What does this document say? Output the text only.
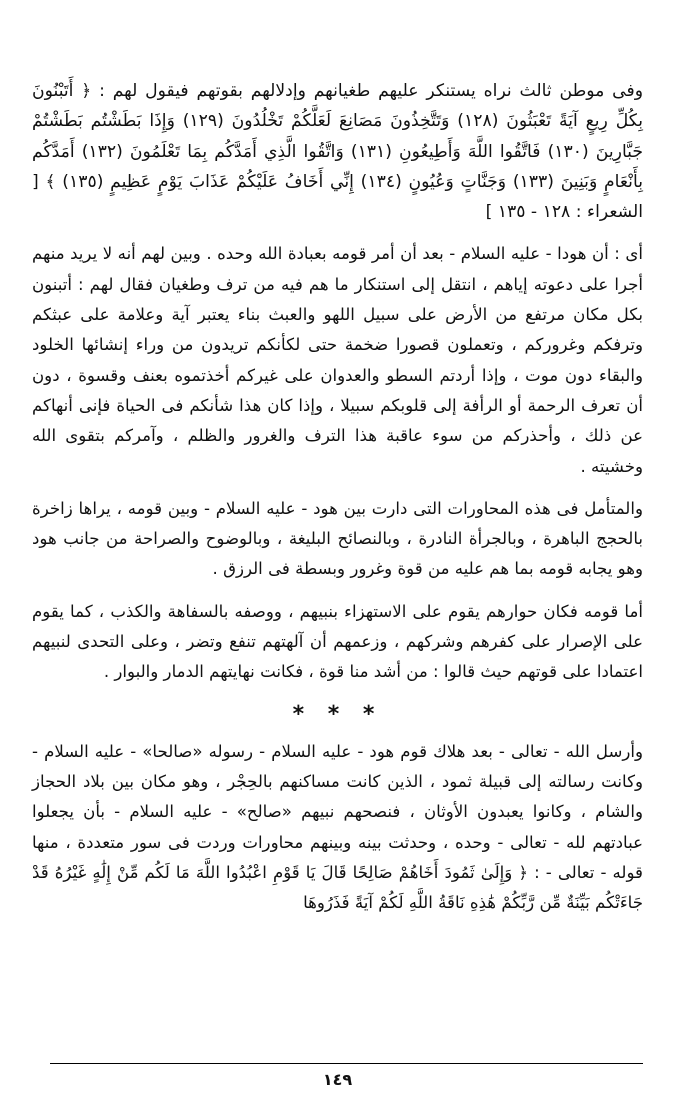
وفى موطن ثالث نراه يستنكر عليهم طغيانهم وإدلالهم بقوتهم فيقول لهم : ﴿ أَتَبْنُونَ بِكُلِّ رِيعٍ آيَةً تَعْبَثُونَ (١٢٨) وَتَتَّخِذُونَ مَصَانِعَ لَعَلَّكُمْ تَخْلُدُونَ (١٢٩) وَإِذَا بَطَشْتُم بَطَشْتُمْ جَبَّارِينَ (١٣٠) فَاتَّقُوا اللَّهَ وَأَطِيعُونِ (١٣١) وَاتَّقُوا الَّذِي أَمَدَّكُم بِمَا تَعْلَمُونَ (١٣٢) أَمَدَّكُم بِأَنْعَامٍ وَبَنِينَ (١٣٣) وَجَنَّاتٍ وَعُيُونٍ (١٣٤) إِنِّي أَخَافُ عَلَيْكُمْ عَذَابَ يَوْمٍ عَظِيمٍ (١٣٥) ﴾ [ الشعراء : ١٢٨ - ١٣٥ ]

أى : أن هودا - عليه السلام - بعد أن أمر قومه بعبادة الله وحده . وبين لهم أنه لا يريد منهم أجرا على دعوته إياهم ، انتقل إلى استنكار ما هم فيه من ترف وطغيان فقال لهم : أتبنون بكل مكان مرتفع من الأرض على سبيل اللهو والعبث بناء يعتبر آية وعلامة على عبثكم وترفكم وغروركم ، وتعملون قصورا ضخمة حتى لكأنكم تريدون من وراء إنشائها الخلود والبقاء دون موت ، وإذا أردتم السطو والعدوان على غيركم أخذتموه بعنف وقسوة ، دون أن تعرف الرحمة أو الرأفة إلى قلوبكم سبيلا ، وإذا كان هذا شأنكم فى الحياة فإنى أنهاكم عن ذلك ، وأحذركم من سوء عاقبة هذا الترف والغرور والظلم ، وآمركم بتقوى الله وخشيته .

والمتأمل فى هذه المحاورات التى دارت بين هود - عليه السلام - وبين قومه ، يراها زاخرة بالحجج الباهرة ، وبالجرأة النادرة ، وبالنصائح البليغة ، وبالوضوح والصراحة من جانب هود وهو يجابه قومه بما هم عليه من قوة وغرور وبسطة فى الرزق .

أما قومه فكان حوارهم يقوم على الاستهزاء بنبيهم ، ووصفه بالسفاهة والكذب ، كما يقوم على الإصرار على كفرهم وشركهم ، وزعمهم أن آلهتهم تنفع وتضر ، وعلى التحدى لنبيهم اعتمادا على قوتهم حيث قالوا : من أشد منا قوة ، فكانت نهايتهم الدمار والبوار .

* * *

وأرسل الله - تعالى - بعد هلاك قوم هود - عليه السلام - رسوله «صالحا» - عليه السلام - وكانت رسالته إلى قبيلة ثمود ، الذين كانت مساكنهم بالحِجْر ، وهو مكان بين بلاد الحجاز والشام ، وكانوا يعبدون الأوثان ، فنصحهم نبيهم «صالح» - عليه السلام - بأن يجعلوا عبادتهم لله - تعالى - وحده ، وحدثت بينه وبينهم محاورات وردت فى سور متعددة ، منها قوله - تعالى - : ﴿ وَإِلَىٰ ثَمُودَ أَخَاهُمْ صَالِحًا قَالَ يَا قَوْمِ اعْبُدُوا اللَّهَ مَا لَكُم مِّنْ إِلَٰهٍ غَيْرُهُ قَدْ جَاءَتْكُم بَيِّنَةٌ مِّن رَّبِّكُمْ هَٰذِهِ نَاقَةُ اللَّهِ لَكُمْ آيَةً فَذَرُوهَا

١٤٩
